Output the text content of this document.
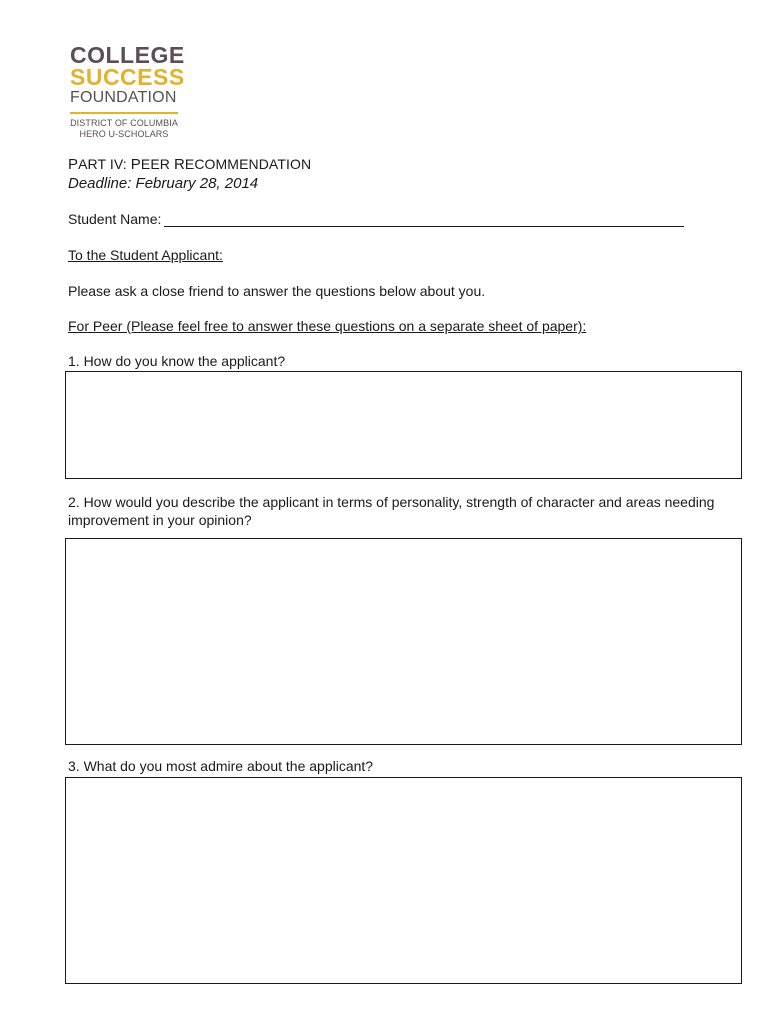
COLLEGE
SUCCESS
FOUNDATION
DISTRICT OF COLUMBIA
HERO U-SCHOLARS
PART IV: PEER RECOMMENDATION
Deadline: February 28, 2014
Student Name:
To the Student Applicant:
Please ask a close friend to answer the questions below about you.
For Peer (Please feel free to answer these questions on a separate sheet of paper):
1. How do you know the applicant?
2. How would you describe the applicant in terms of personality, strength of character and areas needing improvement in your opinion?
3. What do you most admire about the applicant?
